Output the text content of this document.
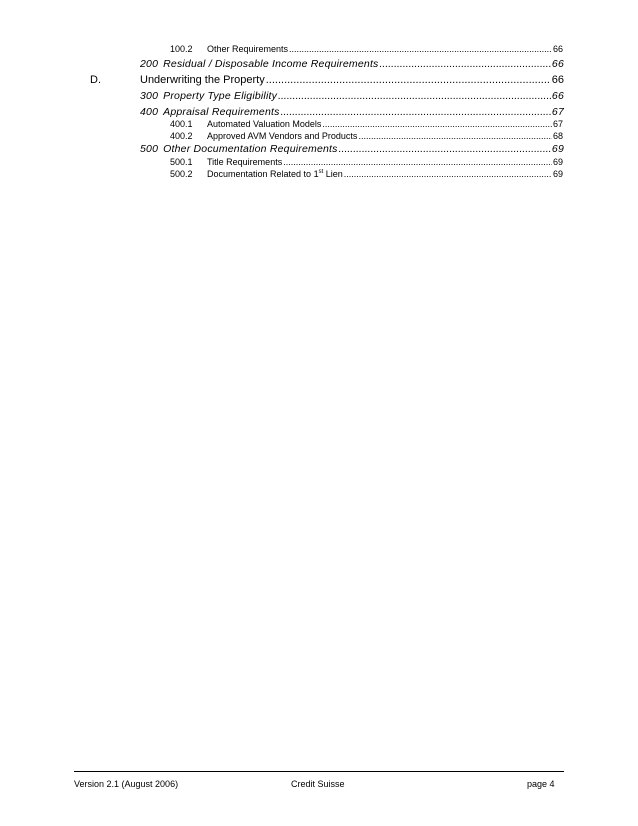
100.2	Other Requirements .....	66
200 Residual / Disposable Income Requirements .....	66
D.	Underwriting the Property .....	66
300 Property Type Eligibility .....	66
400 Appraisal Requirements .....	67
400.1	Automated Valuation Models .....	67
400.2	Approved AVM Vendors and Products .....	68
500 Other Documentation Requirements .....	69
500.1	Title Requirements .....	69
500.2	Documentation Related to 1st Lien .....	69
Version 2.1 (August 2006)	Credit Suisse	page 4
